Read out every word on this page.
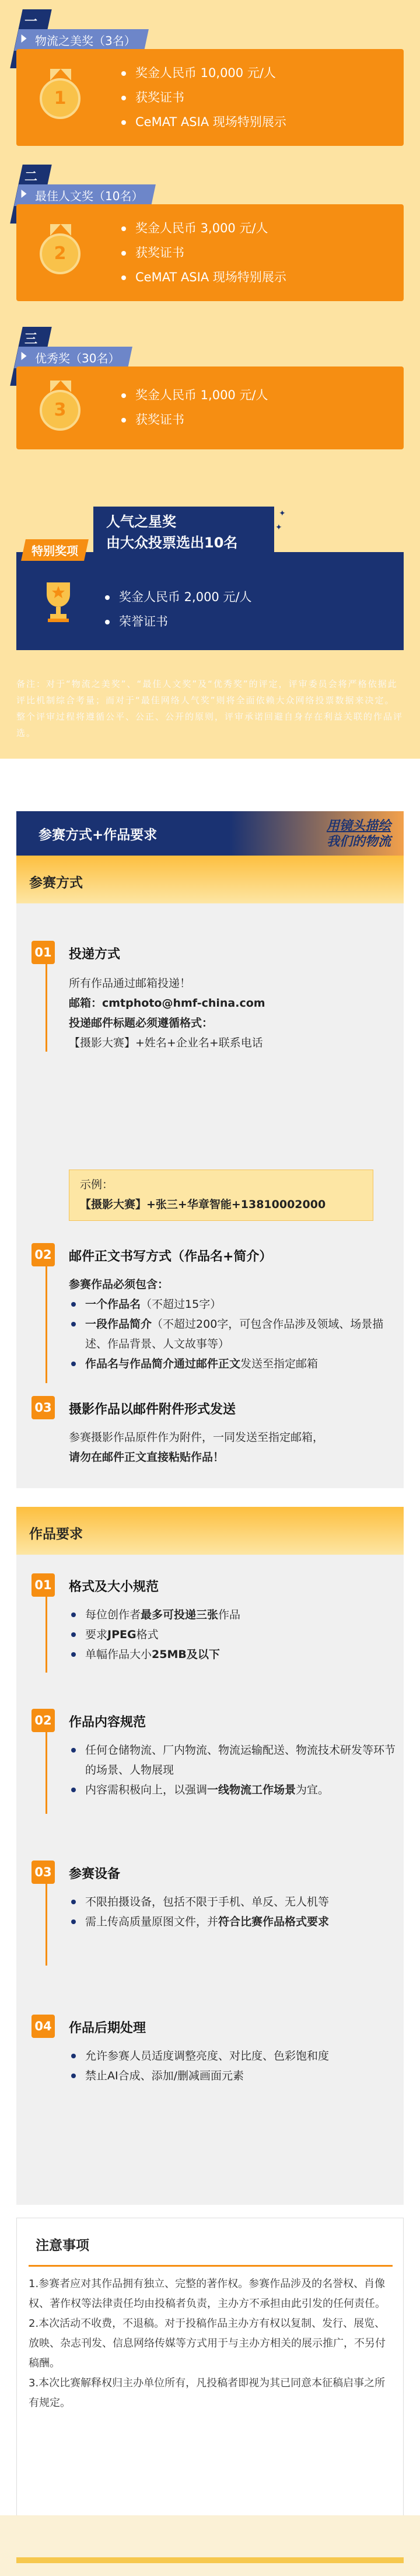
一等奖
物流之美奖（3名）
1
奖金人民币 10,000 元/人
获奖证书
CeMAT ASIA 现场特别展示
二等奖
最佳人文奖（10名）
2
奖金人民币 3,000 元/人
获奖证书
CeMAT ASIA 现场特别展示
三等奖
优秀奖（30名）
3
奖金人民币 1,000 元/人
获奖证书
人气之星奖
由大众投票选出10名
✦
✦
特别奖项
奖金人民币 2,000 元/人
荣誉证书
备注：对于“物流之美奖”、“最佳人文奖”及“优秀奖”的评定，评审委员会将严格依据此评比机制综合考量；而对于“最佳网络人气奖”则将全面依赖大众网络投票数据来决定。整个评审过程将遵循公平、公正、公开的原则，评审承诺回避自身存在利益关联的作品评选。
参赛方式+作品要求
用镜头描绘
我们的物流
参赛方式
01 投递方式
所有作品通过邮箱投递！
邮箱：cmtphoto@hmf-china.com
投递邮件标题必须遵循格式：
【摄影大赛】+姓名+企业名+联系电话
示例：
【摄影大赛】+张三+华章智能+13810002000
02 邮件正文书写方式（作品名+简介）
参赛作品必须包含：
一个作品名（不超过15字）
一段作品简介（不超过200字，可包含作品涉及领域、场景描述、作品背景、人文故事等）
作品名与作品简介通过邮件正文发送至指定邮箱
03 摄影作品以邮件附件形式发送
参赛摄影作品原件作为附件，一同发送至指定邮箱，
请勿在邮件正文直接粘贴作品！
作品要求
01 格式及大小规范
每位创作者最多可投递三张作品
要求JPEG格式
单幅作品大小25MB及以下
02 作品内容规范
任何仓储物流、厂内物流、物流运输配送、物流技术研发等环节的场景、人物展现
内容需积极向上，以强调一线物流工作场景为宜。
03 参赛设备
不限拍摄设备，包括不限于手机、单反、无人机等
需上传高质量原图文件，并符合比赛作品格式要求
04 作品后期处理
允许参赛人员适度调整亮度、对比度、色彩饱和度
禁止AI合成、添加/删减画面元素
注意事项

1.参赛者应对其作品拥有独立、完整的著作权。参赛作品涉及的名誉权、肖像权、著作权等法律责任均由投稿者负责，主办方不承担由此引发的任何责任。

2.本次活动不收费，不退稿。对于投稿作品主办方有权以复制、发行、展览、放映、杂志刊发、信息网络传媒等方式用于与主办方相关的展示推广，不另付稿酬。

3.本次比赛解释权归主办单位所有，凡投稿者即视为其已同意本征稿启事之所有规定。
